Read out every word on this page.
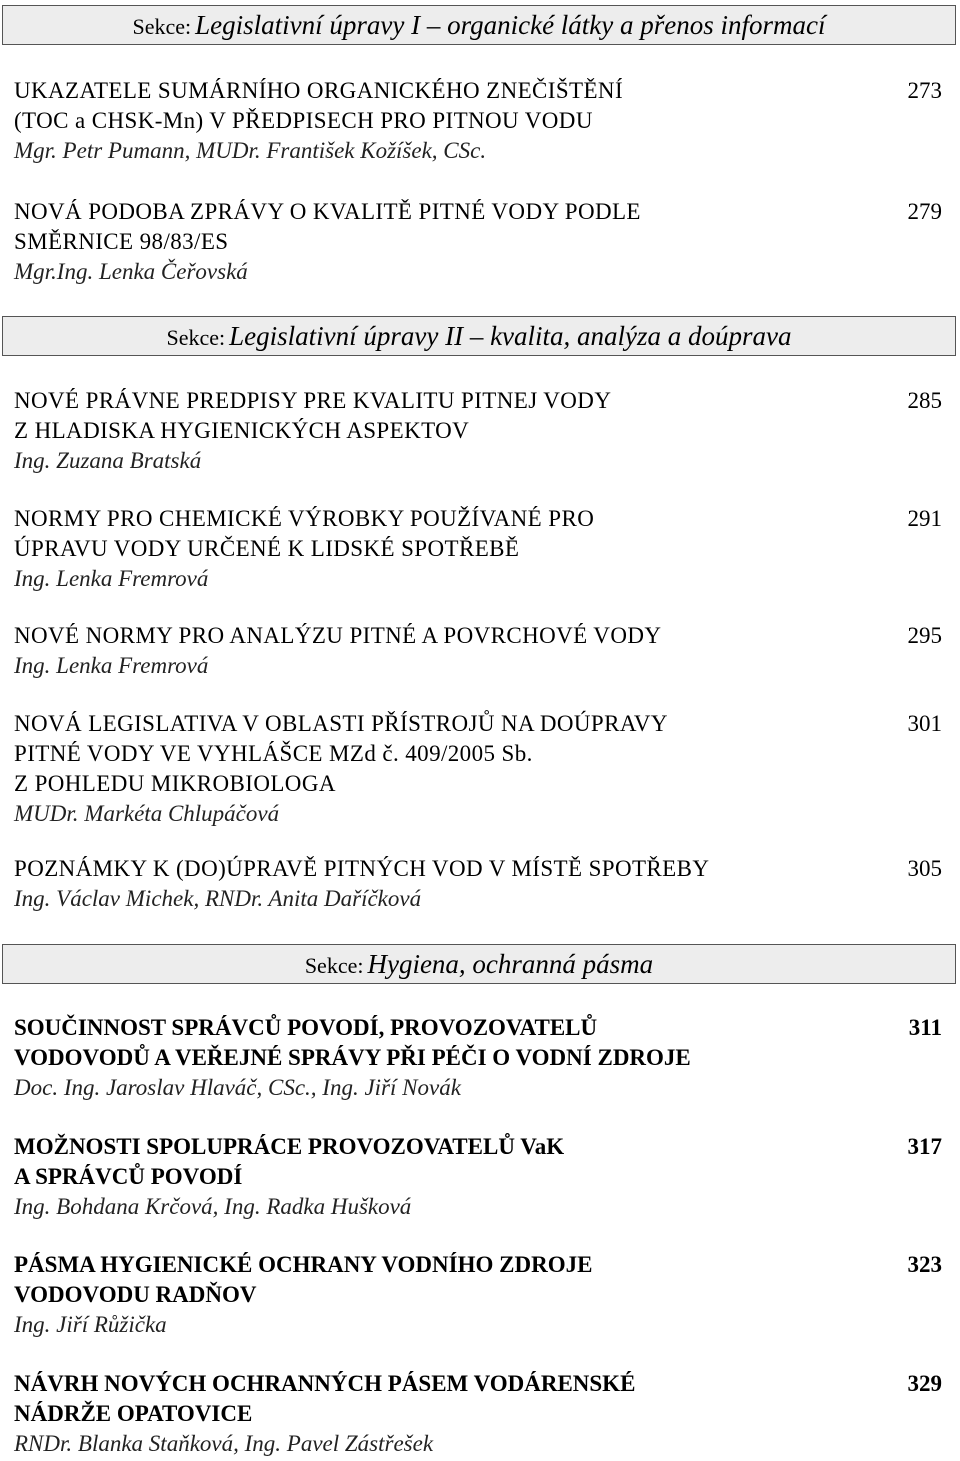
Sekce: Legislativní úpravy I – organické látky a přenos informací
Sekce: Legislativní úpravy II – kvalita, analýza a doúprava
Sekce: Hygiena, ochranná pásma
UKAZATELE SUMÁRNÍHO ORGANICKÉHO ZNEČIŠTĚNÍ	273
(TOC a CHSK-Mn) V PŘEDPISECH PRO PITNOU VODU
Mgr. Petr Pumann, MUDr. František Kožíšek, CSc.
NOVÁ PODOBA ZPRÁVY O KVALITĚ PITNÉ VODY PODLE	279
SMĚRNICE 98/83/ES
Mgr.Ing. Lenka Čeřovská
NOVÉ PRÁVNE PREDPISY PRE KVALITU PITNEJ VODY	285
Z HLADISKA HYGIENICKÝCH ASPEKTOV
Ing. Zuzana Bratská
NORMY PRO CHEMICKÉ VÝROBKY POUŽÍVANÉ PRO	291
ÚPRAVU VODY URČENÉ K LIDSKÉ SPOTŘEBĚ
Ing. Lenka Fremrová
NOVÉ NORMY PRO ANALÝZU PITNÉ A POVRCHOVÉ VODY	295
Ing. Lenka Fremrová
NOVÁ LEGISLATIVA V OBLASTI PŘÍSTROJŮ NA DOÚPRAVY	301
PITNÉ VODY VE VYHLÁŠCE MZd č. 409/2005 Sb.
Z POHLEDU MIKROBIOLOGA
MUDr. Markéta Chlupáčová
POZNÁMKY K (DO)ÚPRAVĚ PITNÝCH VOD V MÍSTĚ SPOTŘEBY	305
Ing. Václav Michek, RNDr. Anita Daříčková
SOUČINNOST SPRÁVCŮ POVODÍ, PROVOZOVATELŮ	311
VODOVODŮ A VEŘEJNÉ SPRÁVY PŘI PÉČI O VODNÍ ZDROJE
Doc. Ing. Jaroslav Hlaváč, CSc., Ing. Jiří Novák
MOŽNOSTI SPOLUPRÁCE PROVOZOVATELŮ VaK	317
A SPRÁVCŮ POVODÍ
Ing. Bohdana Krčová, Ing. Radka Hušková
PÁSMA HYGIENICKÉ OCHRANY VODNÍHO ZDROJE	323
VODOVODU RADŇOV
Ing. Jiří Růžička
NÁVRH NOVÝCH OCHRANNÝCH PÁSEM VODÁRENSKÉ	329
NÁDRŽE OPATOVICE
RNDr. Blanka Staňková, Ing. Pavel Zástřešek
